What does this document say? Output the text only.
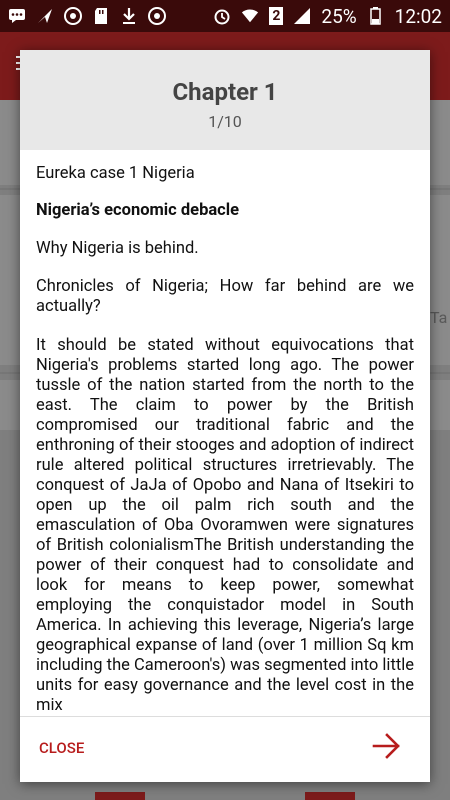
2 25% 12:02
Ta
Chapter 1
1/10

Eureka case 1 Nigeria

Nigeria’s economic debacle

Why Nigeria is behind.

Chronicles of Nigeria; How far behind are we actually?

It should be stated without equivocations that Nigeria's problems started long ago. The power tussle of the nation started from the north to the east. The claim to power by the British compromised our traditional fabric and the enthroning of their stooges and adoption of indirect rule altered political structures irretrievably. The conquest of JaJa of Opobo and Nana of Itsekiri to open up the oil palm rich south and the emasculation of Oba Ovoramwen were signatures of British colonialismThe British understanding the power of their conquest had to consolidate and look for means to keep power, somewhat employing the conquistador model in South America. In achieving this leverage, Nigeria’s large geographical expanse of land (over 1 million Sq km including the Cameroon's) was segmented into little units for easy governance and the level cost in the mix

CLOSE
